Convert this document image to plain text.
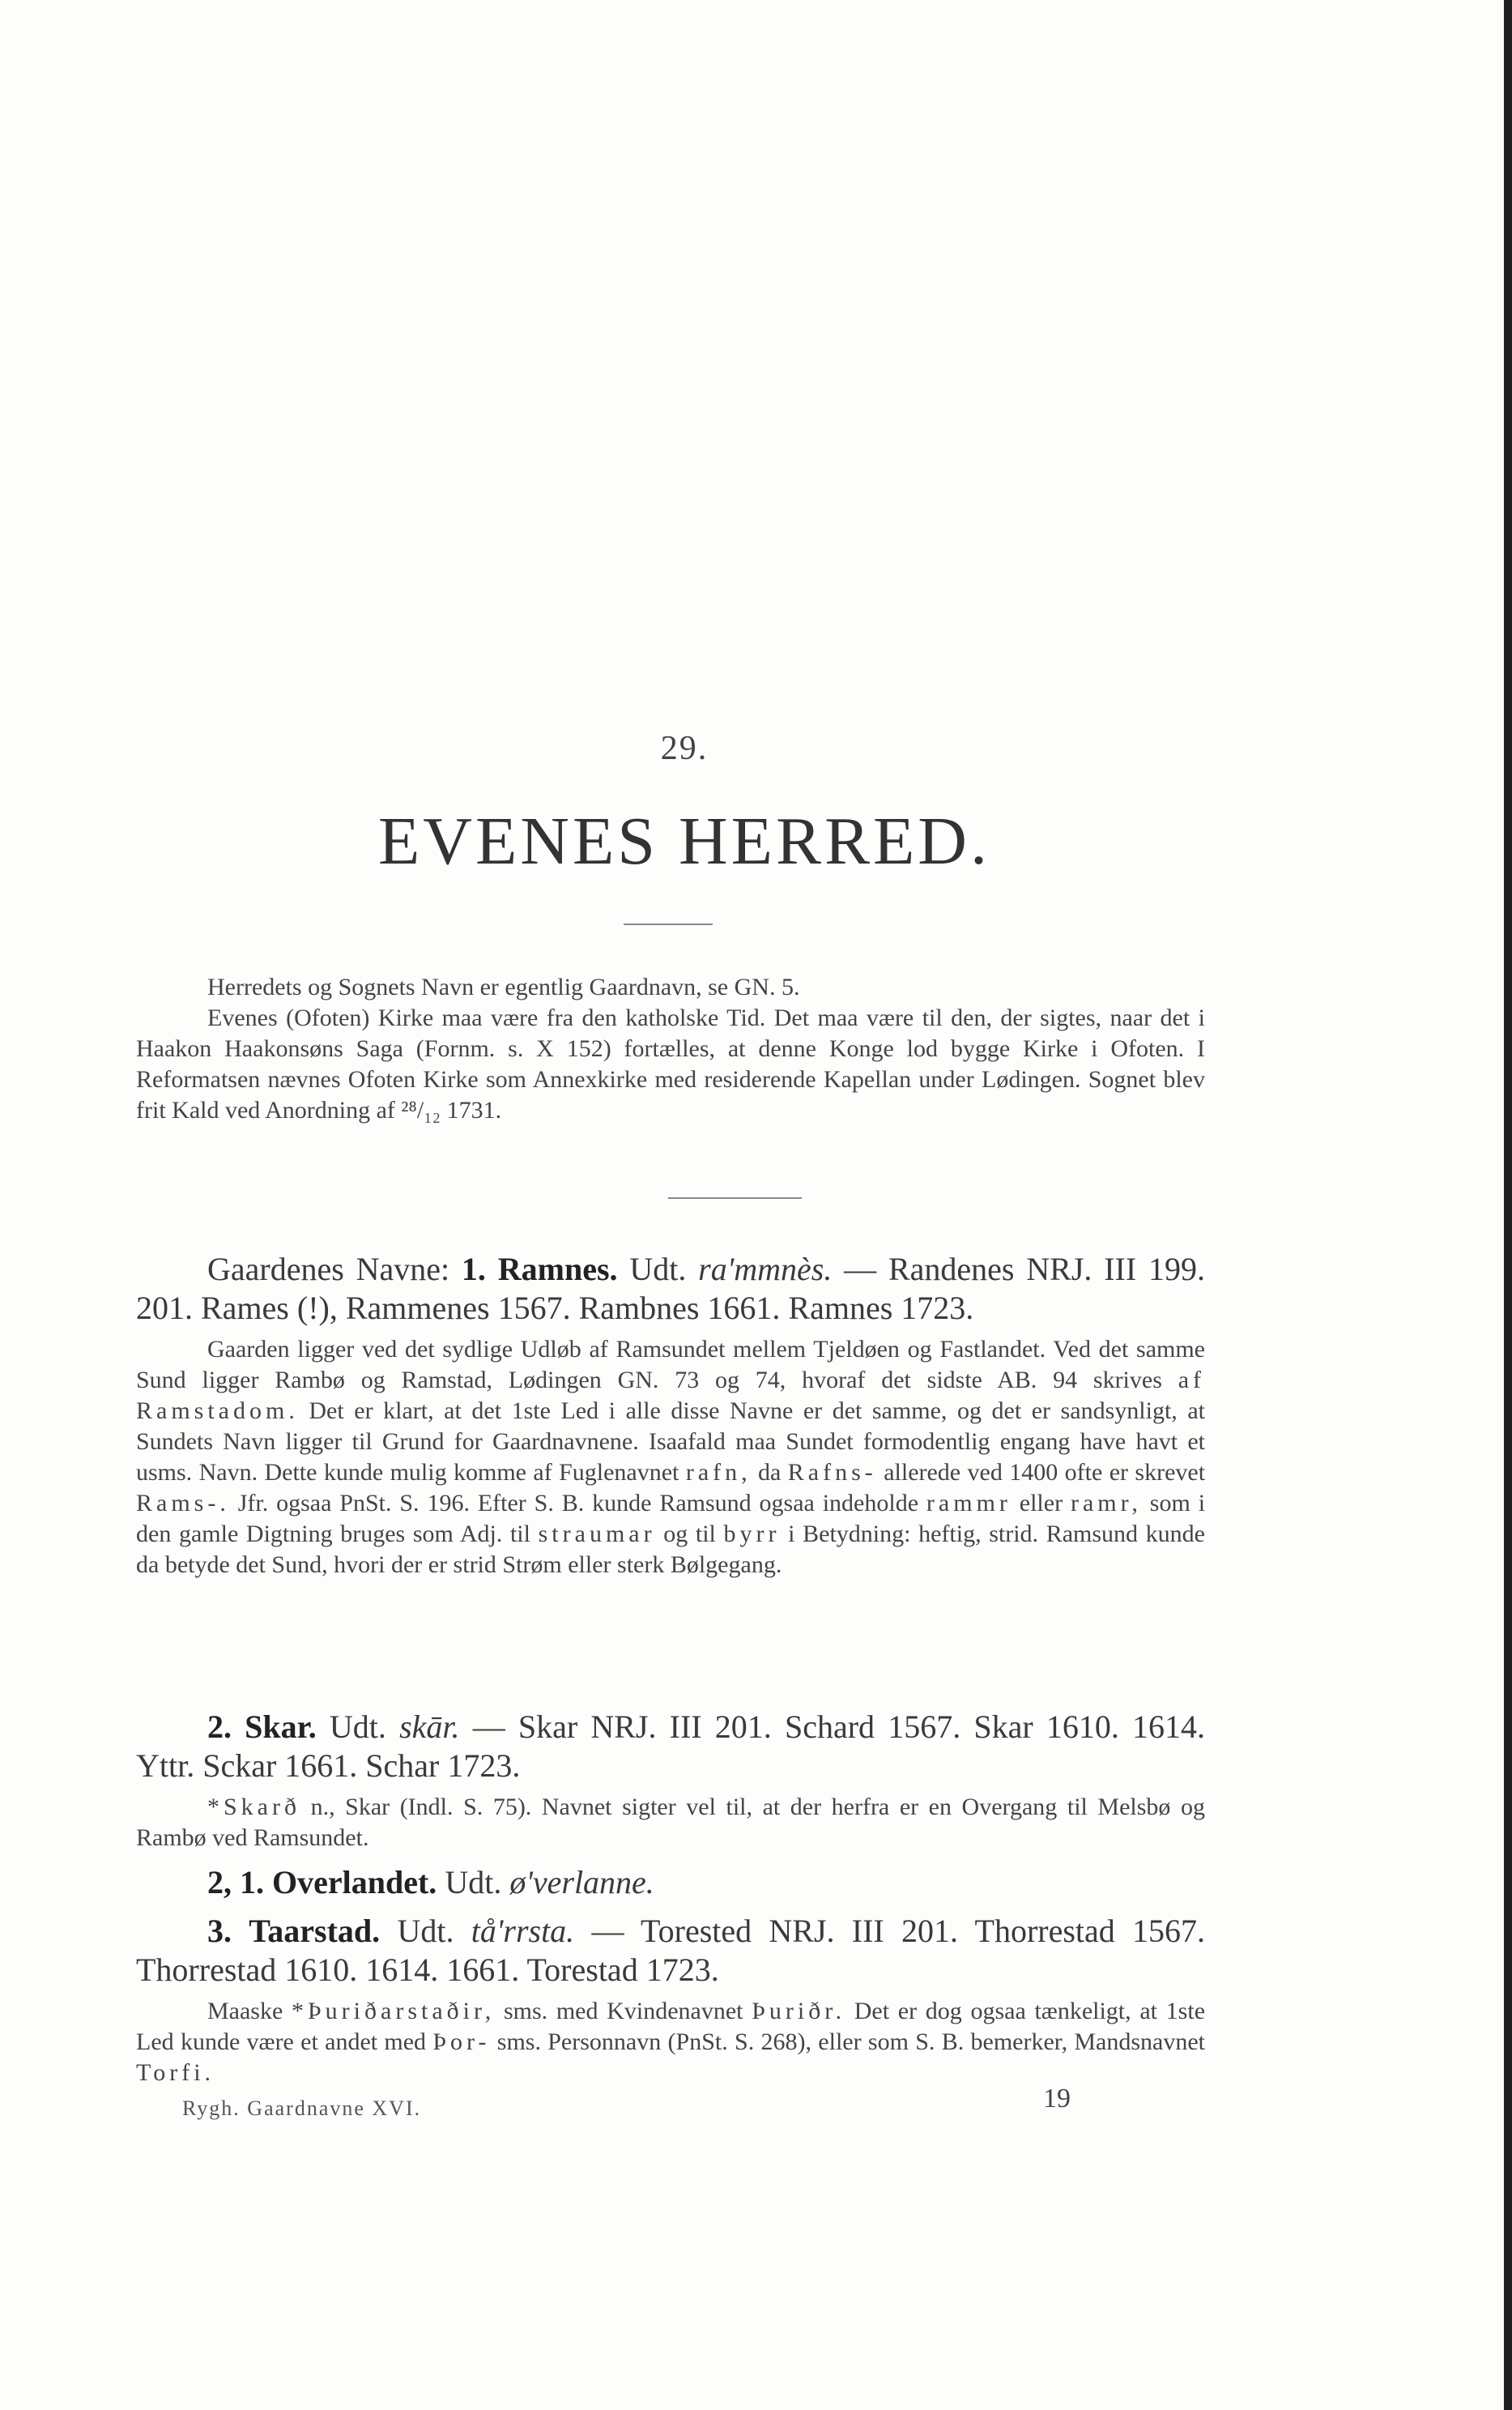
29.
EVENES HERRED.

Herredets og Sognets Navn er egentlig Gaardnavn, se GN. 5.

Evenes (Ofoten) Kirke maa være fra den katholske Tid. Det maa være til den, der sigtes, naar det i Haakon Haakonsøns Saga (Fornm. s. X 152) fortælles, at denne Konge lod bygge Kirke i Ofoten. I Reformatsen nævnes Ofoten Kirke som Annexkirke med residerende Kapellan under Lødingen. Sognet blev frit Kald ved Anordning af ²⁸/₁₂ 1731.

Gaardenes Navne: 1. Ramnes. Udt. ra'mmnès. — Randenes NRJ. III 199. 201. Rames (!), Rammenes 1567. Rambnes 1661. Ramnes 1723.

Gaarden ligger ved det sydlige Udløb af Ramsundet mellem Tjeldøen og Fastlandet. Ved det samme Sund ligger Rambø og Ramstad, Lødingen GN. 73 og 74, hvoraf det sidste AB. 94 skrives af Ramstadom. Det er klart, at det 1ste Led i alle disse Navne er det samme, og det er sandsynligt, at Sundets Navn ligger til Grund for Gaardnavnene. Isaafald maa Sundet formodentlig engang have havt et usms. Navn. Dette kunde mulig komme af Fuglenavnet rafn, da Rafns- allerede ved 1400 ofte er skrevet Rams-. Jfr. ogsaa PnSt. S. 196. Efter S. B. kunde Ramsund ogsaa indeholde rammr eller ramr, som i den gamle Digtning bruges som Adj. til straumar og til byrr i Betydning: heftig, strid. Ramsund kunde da betyde det Sund, hvori der er strid Strøm eller sterk Bølgegang.

2. Skar. Udt. skār. — Skar NRJ. III 201. Schard 1567. Skar 1610. 1614. Yttr. Sckar 1661. Schar 1723.

*Skarð n., Skar (Indl. S. 75). Navnet sigter vel til, at der herfra er en Overgang til Melsbø og Rambø ved Ramsundet.

2, 1. Overlandet. Udt. ø'verlanne.

3. Taarstad. Udt. tå'rrsta. — Torested NRJ. III 201. Thorrestad 1567. Thorrestad 1610. 1614. 1661. Torestad 1723.

Maaske *Þuriðarstaðir, sms. med Kvindenavnet Þuriðr. Det er dog ogsaa tænkeligt, at 1ste Led kunde være et andet med Þor- sms. Personnavn (PnSt. S. 268), eller som S. B. bemerker, Mandsnavnet Torfi.

Rygh. Gaardnavne XVI.	19
